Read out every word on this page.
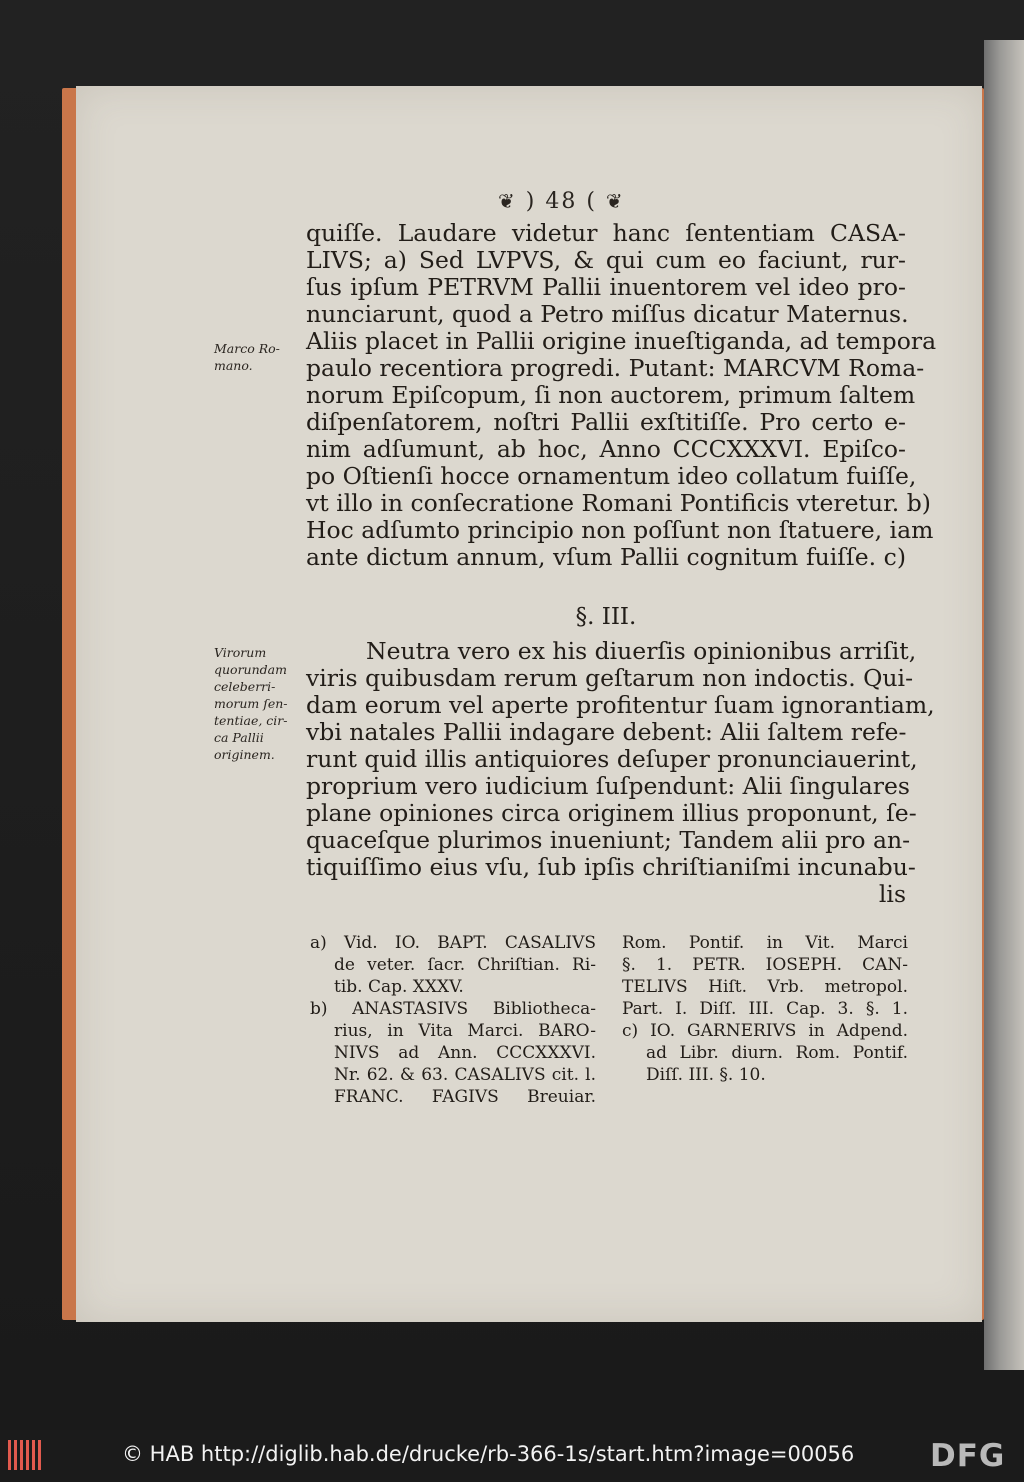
❦ ) 48 ( ❦
quiſſe. Laudare videtur hanc ſententiam CASA-
LIVS; a) Sed LVPVS, & qui cum eo faciunt, rur-
ſus ipſum PETRVM Pallii inuentorem vel ideo pro-
nunciarunt, quod a Petro miſſus dicatur Maternus.
Aliis placet in Pallii origine inueſtiganda, ad tempora
paulo recentiora progredi. Putant: MARCVM Roma-
norum Epiſcopum, ſi non auctorem, primum ſaltem
diſpenſatorem, noſtri Pallii exſtitiſſe. Pro certo e-
nim adſumunt, ab hoc, Anno CCCXXXVI. Epiſco-
po Oſtienſi hocce ornamentum ideo collatum fuiſſe,
vt illo in conſecratione Romani Pontificis vteretur. b)
Hoc adſumto principio non poſſunt non ſtatuere, iam
ante dictum annum, vſum Pallii cognitum fuiſſe. c)
Marco Ro-
mano.
§. III.
Neutra vero ex his diuerſis opinionibus arriſit,
viris quibusdam rerum geſtarum non indoctis. Qui-
dam eorum vel aperte profitentur ſuam ignorantiam,
vbi natales Pallii indagare debent: Alii ſaltem refe-
runt quid illis antiquiores deſuper pronunciauerint,
proprium vero iudicium ſuſpendunt: Alii ſingulares
plane opiniones circa originem illius proponunt, ſe-
quaceſque plurimos inueniunt; Tandem alii pro an-
tiquiſſimo eius vſu, ſub ipſis chriſtianiſmi incunabu-
lis
Virorum
quorundam
celeberri-
morum ſen-
tentiae, cir-
ca Pallii
originem.
a) Vid. IO. BAPT. CASALIVS
de veter. ſacr. Chriſtian. Ri-
tib. Cap. XXXV.
b) ANASTASIVS Bibliotheca-
rius, in Vita Marci. BARO-
NIVS ad Ann. CCCXXXVI.
Nr. 62. & 63. CASALIVS cit. l.
FRANC. FAGIVS Breuiar.
Rom. Pontif. in Vit. Marci
§. 1. PETR. IOSEPH. CAN-
TELIVS Hiſt. Vrb. metropol.
Part. I. Diſſ. III. Cap. 3. §. 1.
c) IO. GARNERIVS in Adpend.
ad Libr. diurn. Rom. Pontif.
Diſſ. III. §. 10.
© HAB http://diglib.hab.de/drucke/rb-366-1s/start.htm?image=00056 DFG
